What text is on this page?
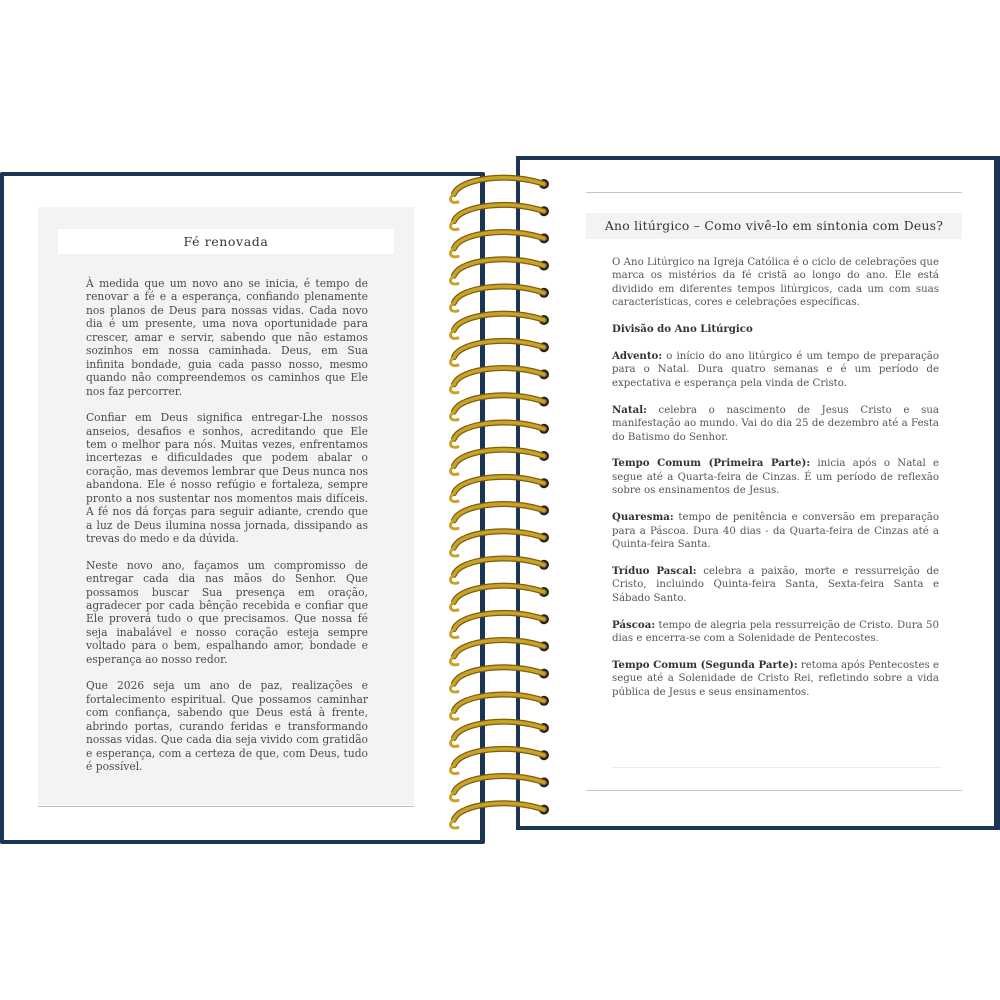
Fé renovada

À medida que um novo ano se inicia, é tempo de renovar a fé e a esperança, confiando plenamente nos planos de Deus para nossas vidas. Cada novo dia é um presente, uma nova oportunidade para crescer, amar e servir, sabendo que não estamos sozinhos em nossa caminhada. Deus, em Sua infinita bondade, guia cada passo nosso, mesmo quando não compreendemos os caminhos que Ele nos faz percorrer.

Confiar em Deus significa entregar-Lhe nossos anseios, desafios e sonhos, acreditando que Ele tem o melhor para nós. Muitas vezes, enfrentamos incertezas e dificuldades que podem abalar o coração, mas devemos lembrar que Deus nunca nos abandona. Ele é nosso refúgio e fortaleza, sempre pronto a nos sustentar nos momentos mais difíceis. A fé nos dá forças para seguir adiante, crendo que a luz de Deus ilumina nossa jornada, dissipando as trevas do medo e da dúvida.

Neste novo ano, façamos um compromisso de entregar cada dia nas mãos do Senhor. Que possamos buscar Sua presença em oração, agradecer por cada bênção recebida e confiar que Ele proverá tudo o que precisamos. Que nossa fé seja inabalável e nosso coração esteja sempre voltado para o bem, espalhando amor, bondade e esperança ao nosso redor.

Que 2026 seja um ano de paz, realizações e fortalecimento espiritual. Que possamos caminhar com confiança, sabendo que Deus está à frente, abrindo portas, curando feridas e transformando nossas vidas. Que cada dia seja vivido com gratidão e esperança, com a certeza de que, com Deus, tudo é possível.

Ano litúrgico – Como vivê-lo em sintonia com Deus?

O Ano Litúrgico na Igreja Católica é o ciclo de celebrações que marca os mistérios da fé cristã ao longo do ano. Ele está dividido em diferentes tempos litúrgicos, cada um com suas características, cores e celebrações específicas.

Divisão do Ano Litúrgico

Advento: o início do ano litúrgico é um tempo de preparação para o Natal. Dura quatro semanas e é um período de expectativa e esperança pela vinda de Cristo.

Natal: celebra o nascimento de Jesus Cristo e sua manifestação ao mundo. Vai do dia 25 de dezembro até a Festa do Batismo do Senhor.

Tempo Comum (Primeira Parte): inicia após o Natal e segue até a Quarta-feira de Cinzas. É um período de reflexão sobre os ensinamentos de Jesus.

Quaresma: tempo de penitência e conversão em preparação para a Páscoa. Dura 40 dias - da Quarta-feira de Cinzas até a Quinta-feira Santa.

Tríduo Pascal: celebra a paixão, morte e ressurreição de Cristo, incluindo Quinta-feira Santa, Sexta-feira Santa e Sábado Santo.

Páscoa: tempo de alegria pela ressurreição de Cristo. Dura 50 dias e encerra-se com a Solenidade de Pentecostes.

Tempo Comum (Segunda Parte): retoma após Pentecostes e segue até a Solenidade de Cristo Rei, refletindo sobre a vida pública de Jesus e seus ensinamentos.
